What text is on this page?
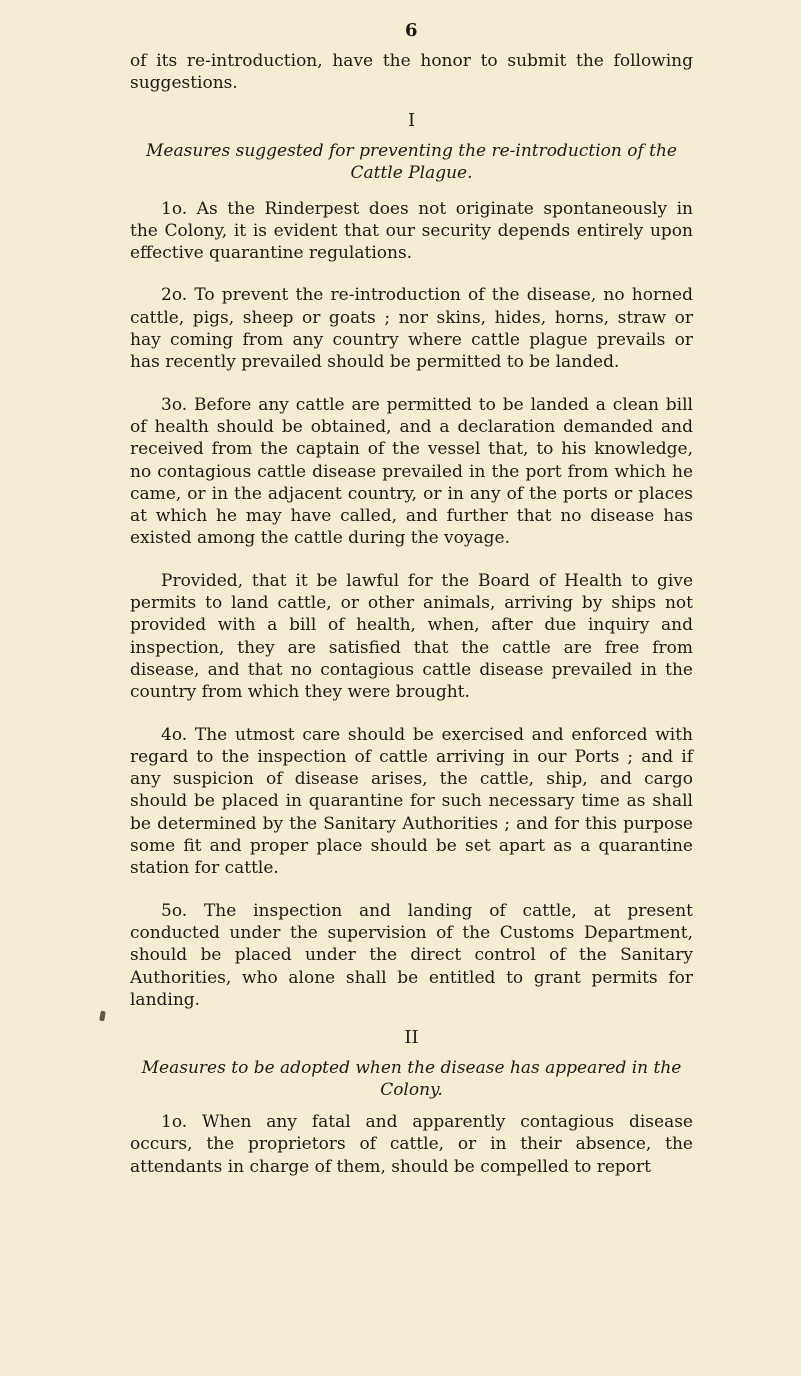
6

of its re-introduction, have the honor to submit the following suggestions.

I
Measures suggested for preventing the re-introduction of the Cattle Plague.

1o. As the Rinderpest does not originate spontaneously in the Colony, it is evident that our security depends entirely upon effective quarantine regulations.

2o. To prevent the re-introduction of the disease, no horned cattle, pigs, sheep or goats ; nor skins, hides, horns, straw or hay coming from any country where cattle plague prevails or has recently prevailed should be permitted to be landed.

3o. Before any cattle are permitted to be landed a clean bill of health should be obtained, and a declaration demanded and received from the captain of the vessel that, to his knowledge, no contagious cattle disease prevailed in the port from which he came, or in the adjacent country, or in any of the ports or places at which he may have called, and further that no disease has existed among the cattle during the voyage.

Provided, that it be lawful for the Board of Health to give permits to land cattle, or other animals, arriving by ships not provided with a bill of health, when, after due inquiry and inspection, they are satisfied that the cattle are free from disease, and that no contagious cattle disease prevailed in the country from which they were brought.

4o. The utmost care should be exercised and enforced with regard to the inspection of cattle arriving in our Ports ; and if any suspicion of disease arises, the cattle, ship, and cargo should be placed in quarantine for such necessary time as shall be determined by the Sanitary Authorities ; and for this purpose some fit and proper place should be set apart as a quarantine station for cattle.

5o. The inspection and landing of cattle, at present conducted under the supervision of the Customs Department, should be placed under the direct control of the Sanitary Authorities, who alone shall be entitled to grant permits for landing.

II
Measures to be adopted when the disease has appeared in the Colony.

1o. When any fatal and apparently contagious disease occurs, the proprietors of cattle, or in their absence, the attendants in charge of them, should be compelled to report
